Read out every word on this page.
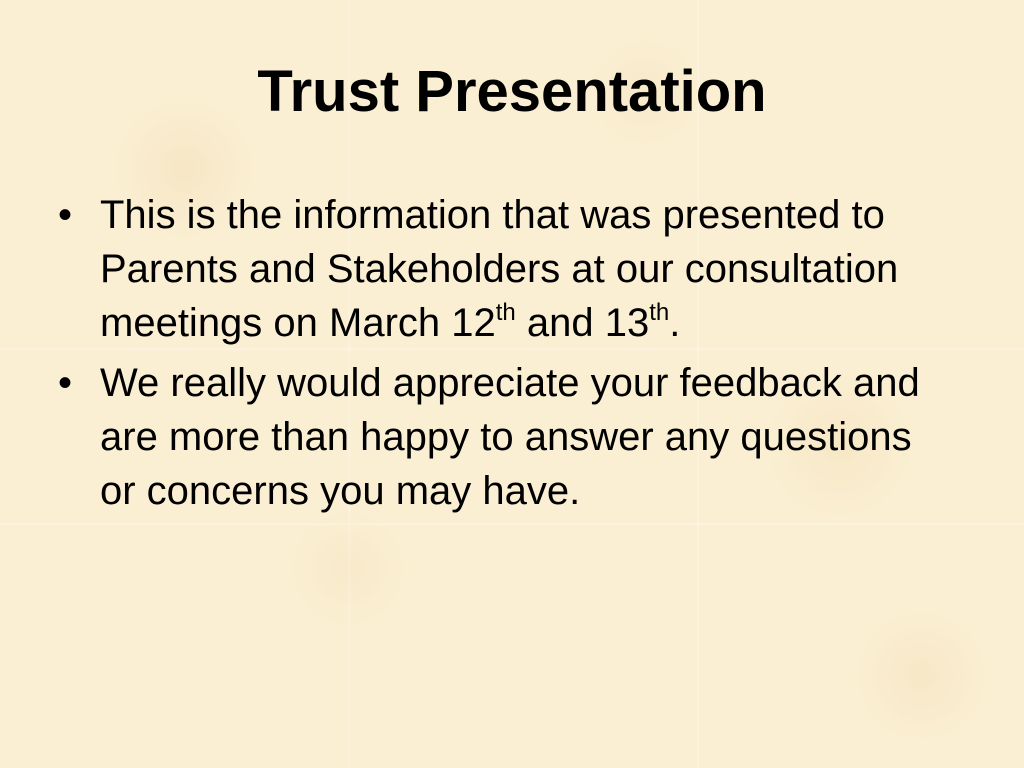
Trust Presentation
• This is the information that was presented to Parents and Stakeholders at our consultation meetings on March 12th and 13th.
• We really would appreciate your feedback and are more than happy to answer any questions or concerns you may have.
